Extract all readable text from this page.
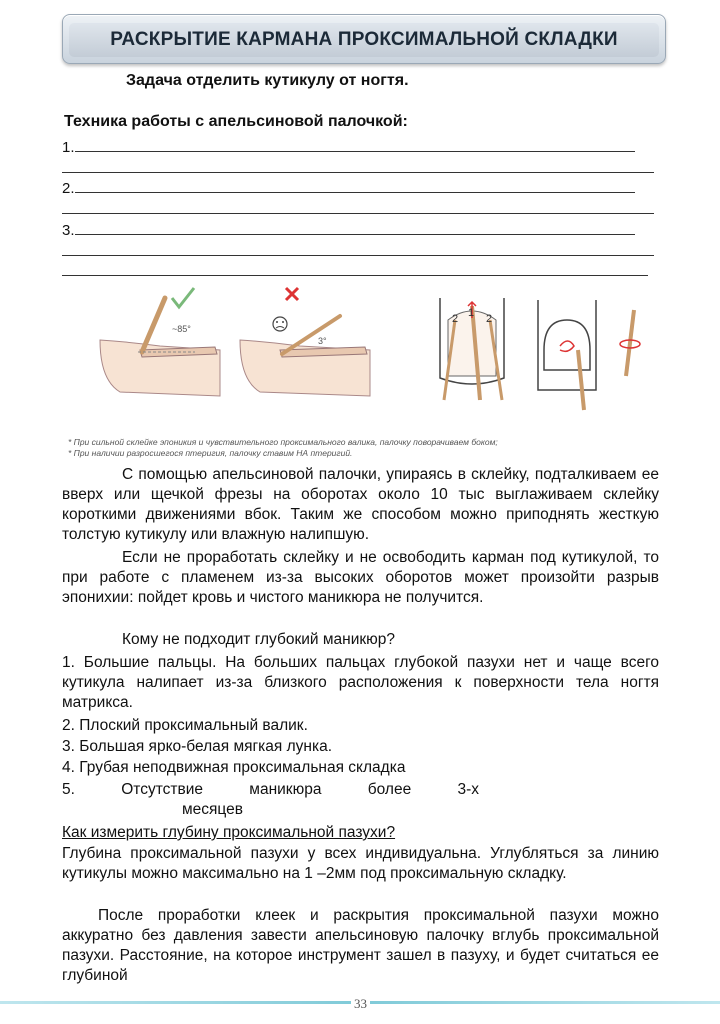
РАСКРЫТИЕ КАРМАНА ПРОКСИМАЛЬНОЙ СКЛАДКИ
Задача отделить кутикулу от ногтя.
Техника работы с апельсиновой палочкой:
1.
2.
3.
~85°
3°
2 1 2
* При сильной склейке эпоникия и чувствительного проксимального валика, палочку поворачиваем боком;
* При наличии разросшегося птеригия, палочку ставим НА птеригий.
С помощью апельсиновой палочки, упираясь в склейку, подталкиваем ее вверх или щечкой фрезы на оборотах около 10 тыс выглаживаем склейку короткими движениями вбок. Таким же способом можно приподнять жесткую толстую кутикулу или влажную налипшую.
Если не проработать склейку и не освободить карман под кутикулой, то при работе с пламенем из-за высоких оборотов может произойти разрыв эпонихии: пойдет кровь и чистого маникюра не получится.
Кому не подходит глубокий маникюр?
1. Большие пальцы. На больших пальцах глубокой пазухи нет и чаще всего кутикула налипает из-за близкого расположения к поверхности тела ногтя матрикса.
2. Плоский проксимальный валик.
3. Большая ярко-белая мягкая лунка.
4. Грубая неподвижная проксимальная складка
5. Отсутствие маникюра более 3-х
месяцев
Как измерить глубину проксимальной пазухи?
Глубина проксимальной пазухи у всех индивидуальна. Углубляться за линию кутикулы можно максимально на 1 –2мм под проксимальную складку.
После проработки клеек и раскрытия проксимальной пазухи можно аккуратно без давления завести апельсиновую палочку вглубь проксимальной пазухи. Расстояние, на которое инструмент зашел в пазуху, и будет считаться ее глубиной
33
